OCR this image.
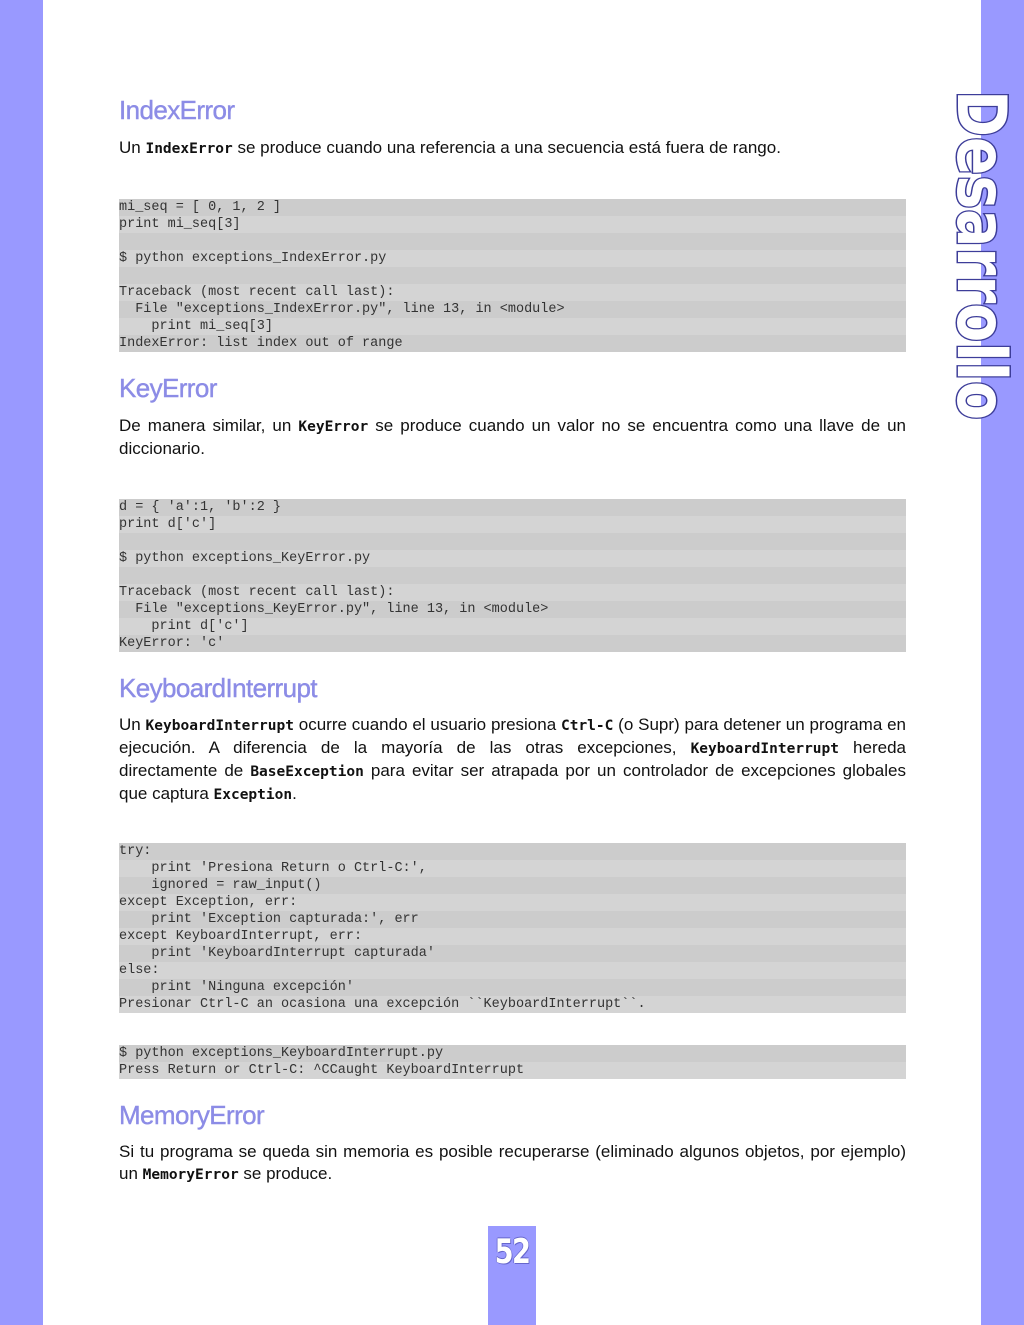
Desarrollo
52
IndexError

Un IndexError se produce cuando una referencia a una secuencia está fuera de rango.

mi_seq = [ 0, 1, 2 ]
print mi_seq[3]
$ python exceptions_IndexError.py
Traceback (most recent call last):
File "exceptions_IndexError.py", line 13, in <module>
print mi_seq[3]
IndexError: list index out of range
KeyError

De manera similar, un KeyError se produce cuando un valor no se encuentra como una llave de un diccionario.

d = { 'a':1, 'b':2 }
print d['c']
$ python exceptions_KeyError.py
Traceback (most recent call last):
File "exceptions_KeyError.py", line 13, in <module>
print d['c']
KeyError: 'c'
KeyboardInterrupt

Un KeyboardInterrupt ocurre cuando el usuario presiona Ctrl-C (o Supr) para detener un programa en ejecución. A diferencia de la mayoría de las otras excepciones, KeyboardInterrupt hereda directamente de BaseException para evitar ser atrapada por un controlador de excepciones globales que captura Exception.

try:
print 'Presiona Return o Ctrl-C:',
ignored = raw_input()
except Exception, err:
print 'Exception capturada:', err
except KeyboardInterrupt, err:
print 'KeyboardInterrupt capturada'
else:
print 'Ninguna excepción'
Presionar Ctrl-C an ocasiona una excepción ``KeyboardInterrupt``.
$ python exceptions_KeyboardInterrupt.py
Press Return or Ctrl-C: ^CCaught KeyboardInterrupt
MemoryError

Si tu programa se queda sin memoria es posible recuperarse (eliminado algunos objetos, por ejemplo) un MemoryError se produce.
